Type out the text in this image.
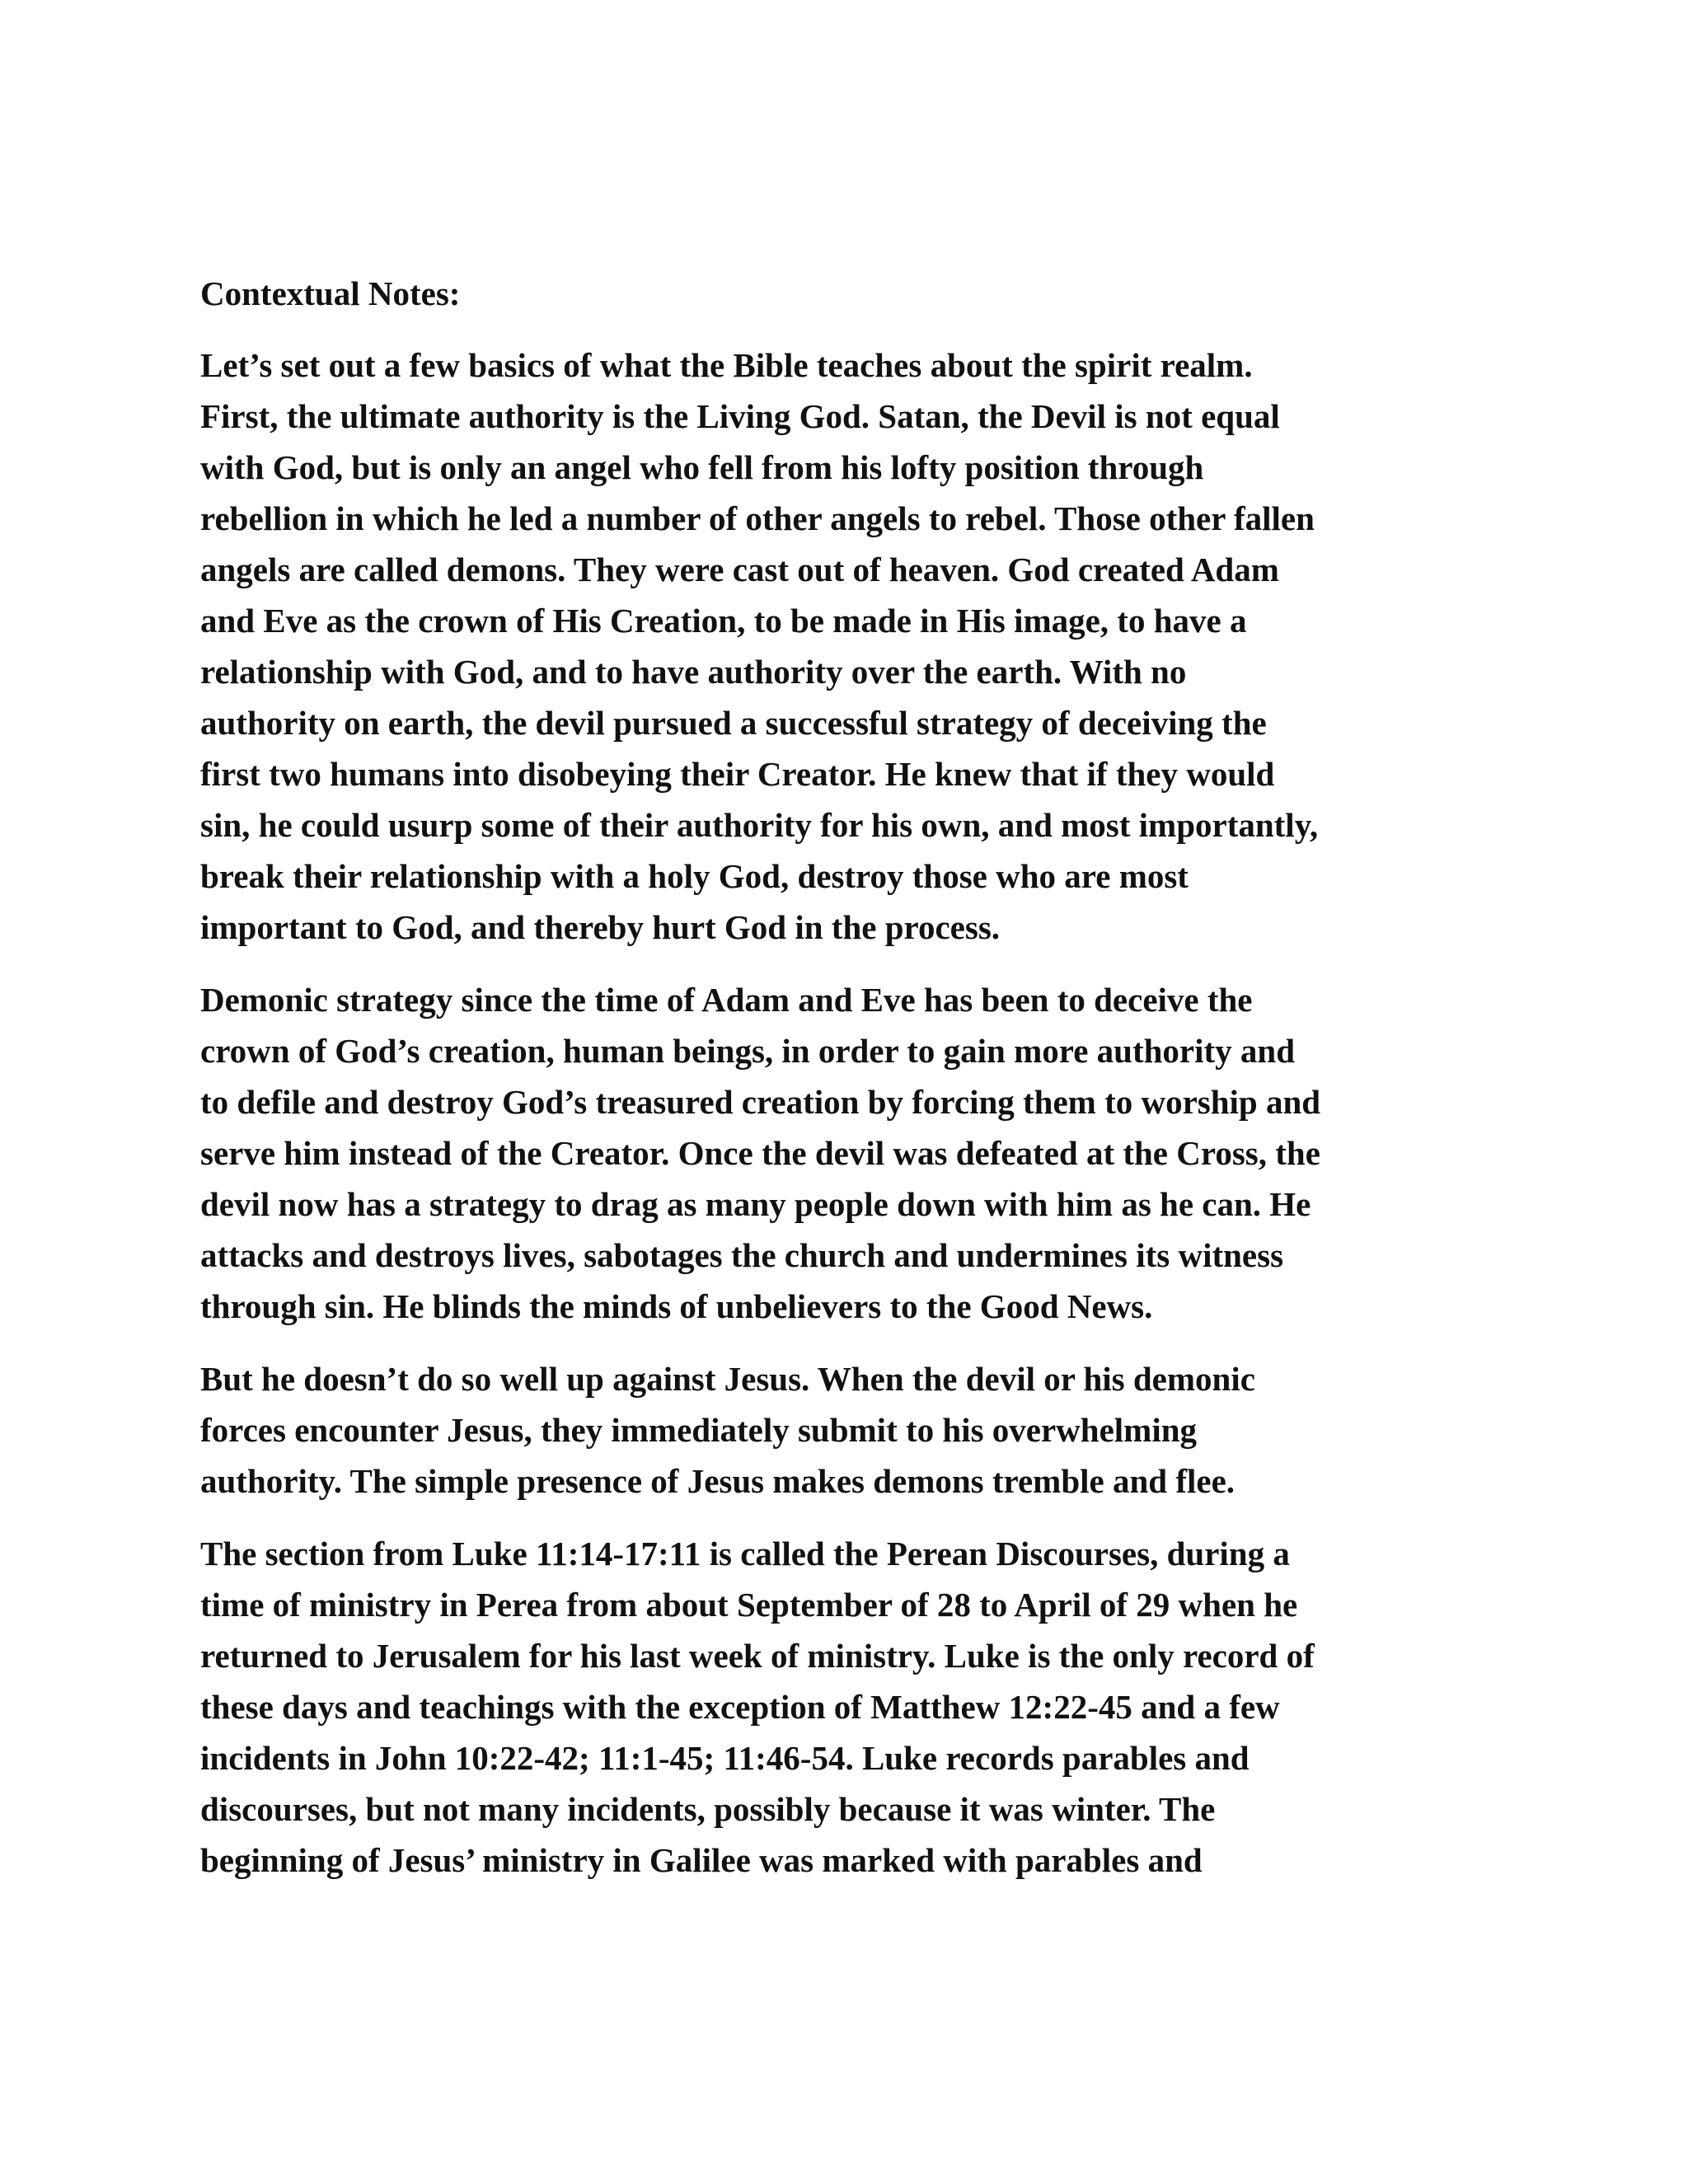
Contextual Notes:
Let’s set out a few basics of what the Bible teaches about the spirit realm.
First, the ultimate authority is the Living God. Satan, the Devil is not equal
with God, but is only an angel who fell from his lofty position through
rebellion in which he led a number of other angels to rebel. Those other fallen
angels are called demons. They were cast out of heaven. God created Adam
and Eve as the crown of His Creation, to be made in His image, to have a
relationship with God, and to have authority over the earth. With no
authority on earth, the devil pursued a successful strategy of deceiving the
first two humans into disobeying their Creator. He knew that if they would
sin, he could usurp some of their authority for his own, and most importantly,
break their relationship with a holy God, destroy those who are most
important to God, and thereby hurt God in the process.
Demonic strategy since the time of Adam and Eve has been to deceive the
crown of God’s creation, human beings, in order to gain more authority and
to defile and destroy God’s treasured creation by forcing them to worship and
serve him instead of the Creator. Once the devil was defeated at the Cross, the
devil now has a strategy to drag as many people down with him as he can. He
attacks and destroys lives, sabotages the church and undermines its witness
through sin. He blinds the minds of unbelievers to the Good News.
But he doesn’t do so well up against Jesus. When the devil or his demonic
forces encounter Jesus, they immediately submit to his overwhelming
authority. The simple presence of Jesus makes demons tremble and flee.
The section from Luke 11:14-17:11 is called the Perean Discourses, during a
time of ministry in Perea from about September of 28 to April of 29 when he
returned to Jerusalem for his last week of ministry. Luke is the only record of
these days and teachings with the exception of Matthew 12:22-45 and a few
incidents in John 10:22-42; 11:1-45; 11:46-54. Luke records parables and
discourses, but not many incidents, possibly because it was winter. The
beginning of Jesus’ ministry in Galilee was marked with parables and
